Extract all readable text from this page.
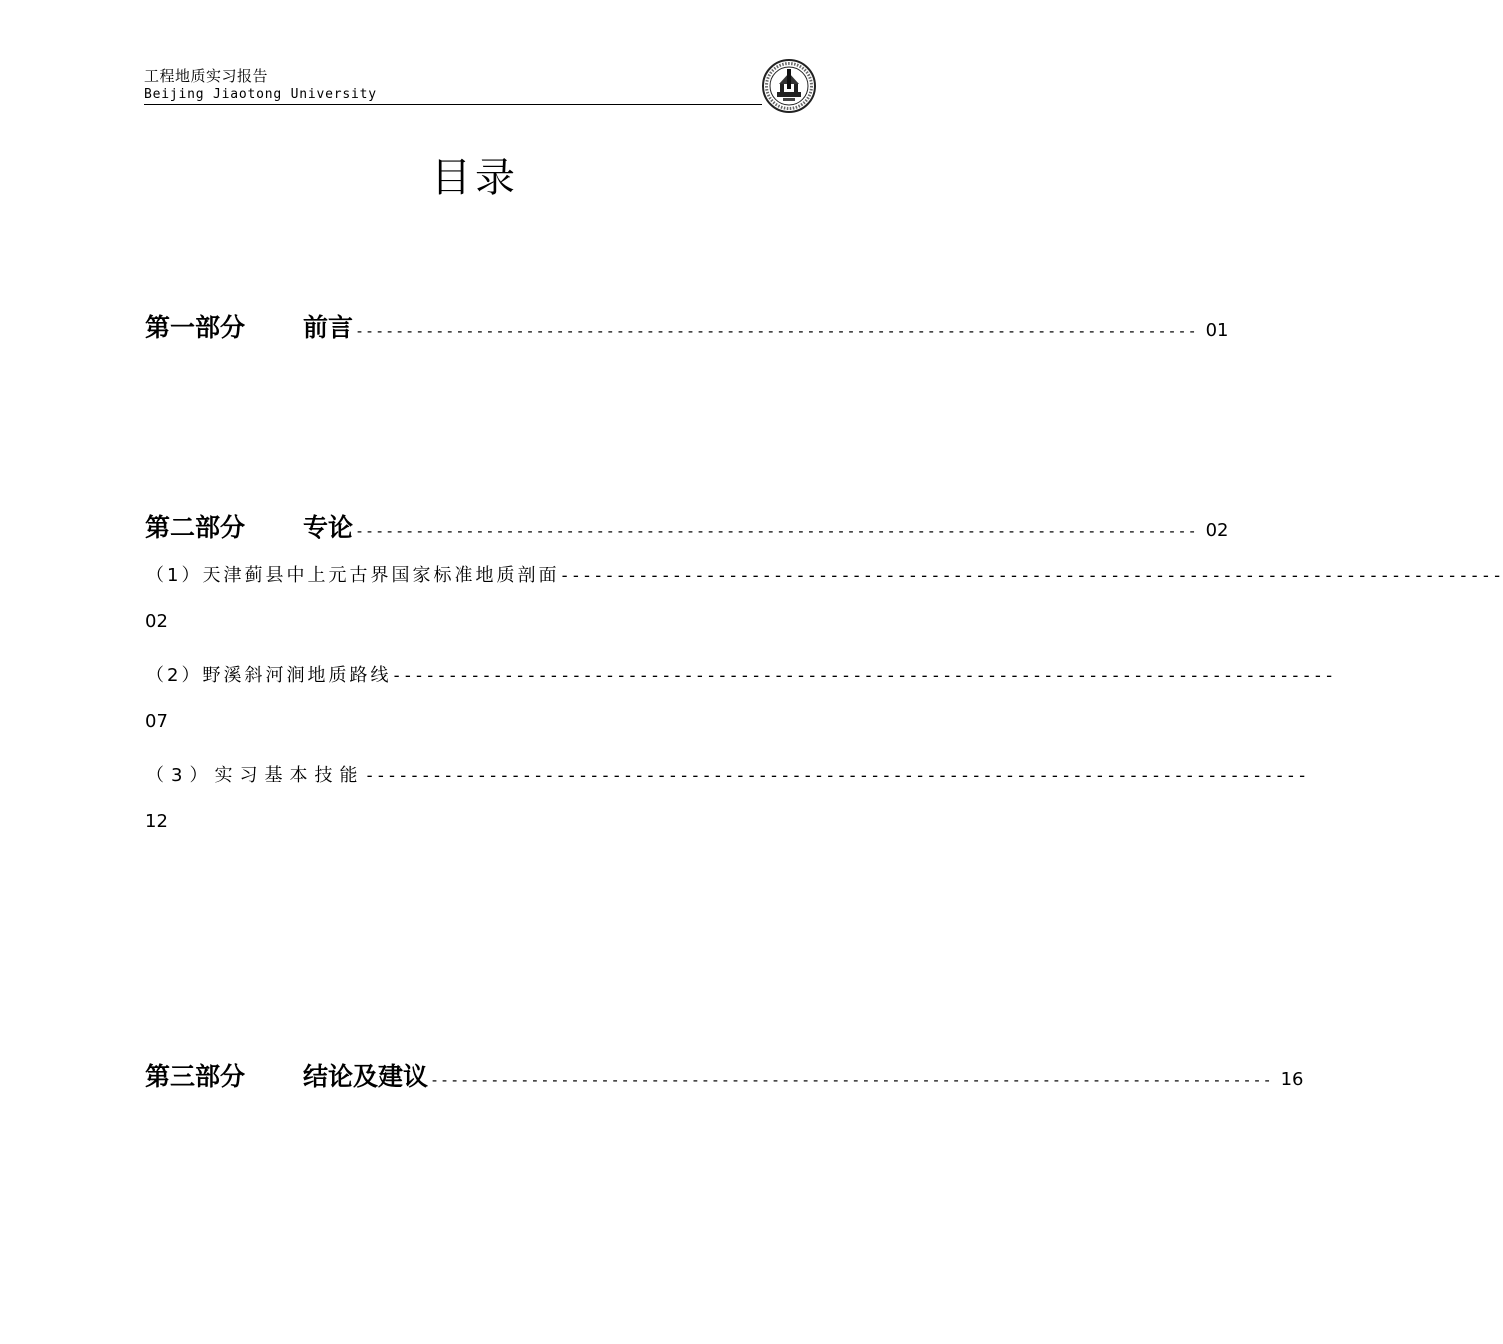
工程地质实习报告
Beijing Jiaotong University
目录
第一部分	前言 ------------------------------------------------------------------------------------ 01
第二部分	专论 ------------------------------------------------------------------------------------ 02
（1）天津蓟县中上元古界国家标准地质剖面 ------------------------------------------------------------------------------------
02
（2）野溪斜河涧地质路线 ------------------------------------------------------------------------------------
07
（3）实习基本技能 ------------------------------------------------------------------------------------
12
第三部分	结论及建议 ------------------------------------------------------------------------------------ 16
